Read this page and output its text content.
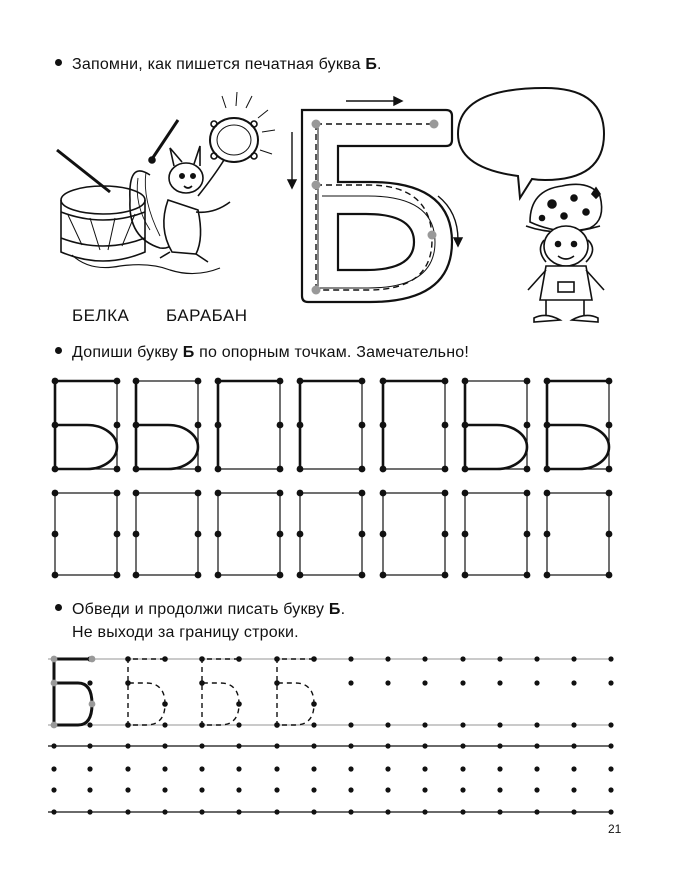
Запомни, как пишется печатная буква Б.
БЕЛКА БАРАБАН
Допиши букву Б по опорным точкам. Замечательно!
Обведи и продолжи писать букву Б.
Не выходи за границу строки.
21
